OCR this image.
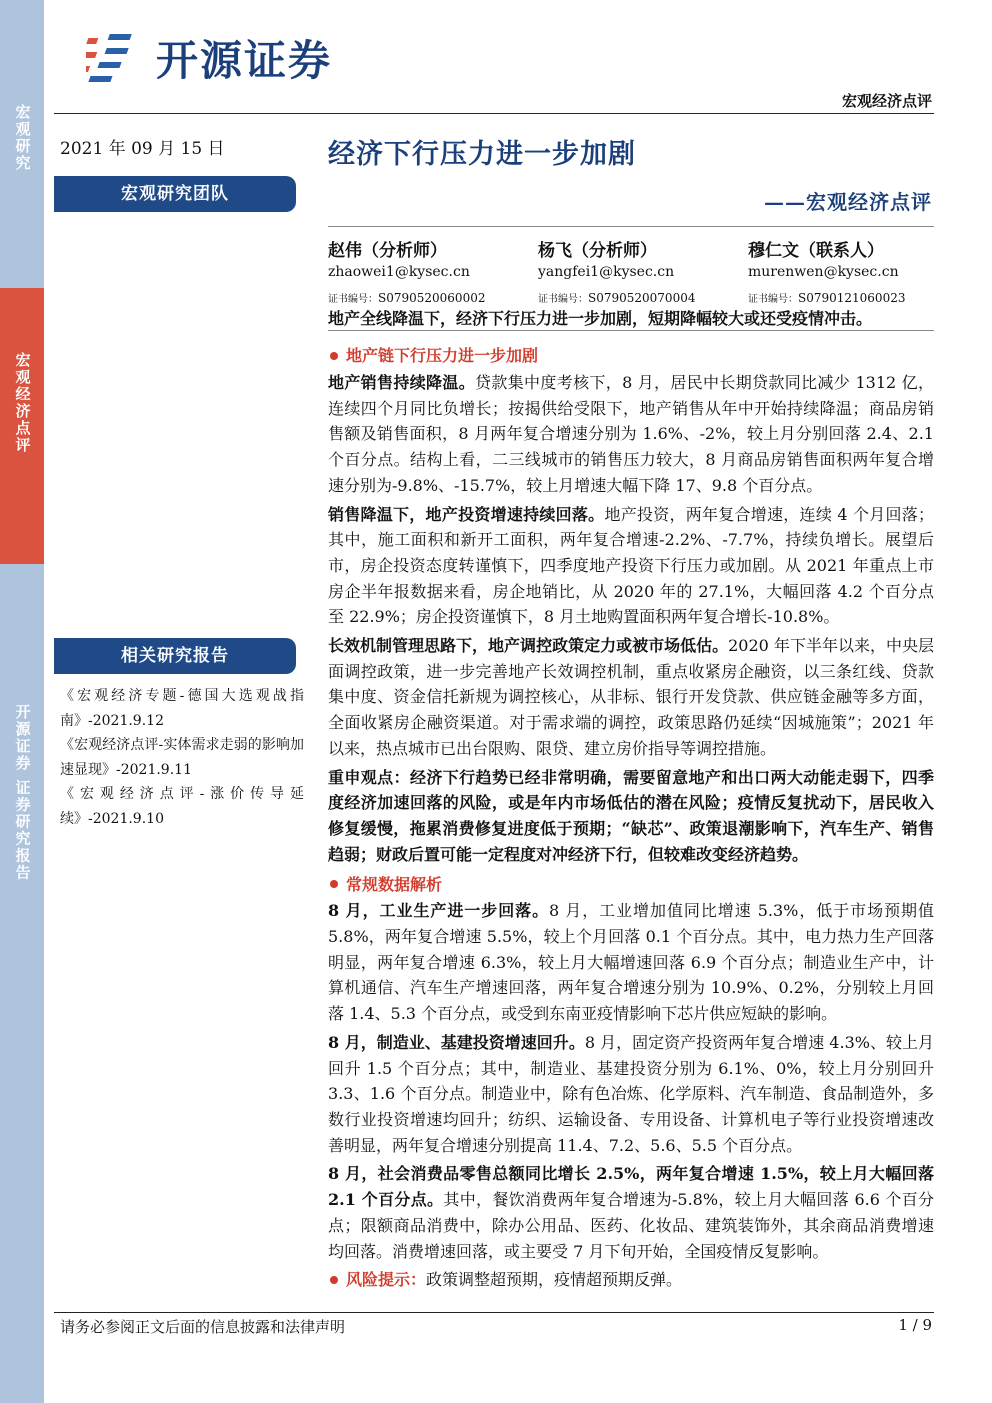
宏观研究
宏观经济点评
开源证券 证券研究报告
开源证券
宏观经济点评
2021 年 09 月 15 日	经济下行压力进一步加剧
——宏观经济点评
宏观研究团队
赵伟（分析师）
zhaowei1@kysec.cn
证书编号：S0790520060002
杨飞（分析师）
yangfei1@kysec.cn
证书编号：S0790520070004
穆仁文（联系人）
murenwen@kysec.cn
证书编号：S0790121060023
地产全线降温下，经济下行压力进一步加剧，短期降幅较大或还受疫情冲击。
相关研究报告
《宏观经济专题-德国大选观战指南》-2021.9.12
《宏观经济点评-实体需求走弱的影响加速显现》-2021.9.11
《宏观经济点评-涨价传导延续》-2021.9.10
地产链下行压力进一步加剧

地产销售持续降温。贷款集中度考核下，8 月，居民中长期贷款同比减少 1312 亿，连续四个月同比负增长；按揭供给受限下，地产销售从年中开始持续降温；商品房销售额及销售面积，8 月两年复合增速分别为 1.6%、-2%，较上月分别回落 2.4、2.1 个百分点。结构上看，二三线城市的销售压力较大，8 月商品房销售面积两年复合增速分别为-9.8%、-15.7%，较上月增速大幅下降 17、9.8 个百分点。

销售降温下，地产投资增速持续回落。地产投资，两年复合增速，连续 4 个月回落；其中，施工面积和新开工面积，两年复合增速-2.2%、-7.7%，持续负增长。展望后市，房企投资态度转谨慎下，四季度地产投资下行压力或加剧。从 2021 年重点上市房企半年报数据来看，房企地销比，从 2020 年的 27.1%，大幅回落 4.2 个百分点至 22.9%；房企投资谨慎下，8 月土地购置面积两年复合增长-10.8%。

长效机制管理思路下，地产调控政策定力或被市场低估。2020 年下半年以来，中央层面调控政策，进一步完善地产长效调控机制，重点收紧房企融资，以三条红线、贷款集中度、资金信托新规为调控核心，从非标、银行开发贷款、供应链金融等多方面，全面收紧房企融资渠道。对于需求端的调控，政策思路仍延续“因城施策”；2021 年以来，热点城市已出台限购、限贷、建立房价指导等调控措施。

重申观点：经济下行趋势已经非常明确，需要留意地产和出口两大动能走弱下，四季度经济加速回落的风险，或是年内市场低估的潜在风险；疫情反复扰动下，居民收入修复缓慢，拖累消费修复进度低于预期；“缺芯”、政策退潮影响下，汽车生产、销售趋弱；财政后置可能一定程度对冲经济下行，但较难改变经济趋势。

常规数据解析

8 月，工业生产进一步回落。8 月，工业增加值同比增速 5.3%，低于市场预期值 5.8%，两年复合增速 5.5%，较上个月回落 0.1 个百分点。其中，电力热力生产回落明显，两年复合增速 6.3%，较上月大幅增速回落 6.9 个百分点；制造业生产中，计算机通信、汽车生产增速回落，两年复合增速分别为 10.9%、0.2%，分别较上月回落 1.4、5.3 个百分点，或受到东南亚疫情影响下芯片供应短缺的影响。

8 月，制造业、基建投资增速回升。8 月，固定资产投资两年复合增速 4.3%、较上月回升 1.5 个百分点；其中，制造业、基建投资分别为 6.1%、0%，较上月分别回升 3.3、1.6 个百分点。制造业中，除有色冶炼、化学原料、汽车制造、食品制造外，多数行业投资增速均回升；纺织、运输设备、专用设备、计算机电子等行业投资增速改善明显，两年复合增速分别提高 11.4、7.2、5.6、5.5 个百分点。

8 月，社会消费品零售总额同比增长 2.5%，两年复合增速 1.5%，较上月大幅回落 2.1 个百分点。其中，餐饮消费两年复合增速为-5.8%，较上月大幅回落 6.6 个百分点；限额商品消费中，除办公用品、医药、化妆品、建筑装饰外，其余商品消费增速均回落。消费增速回落，或主要受 7 月下旬开始，全国疫情反复影响。

风险提示：政策调整超预期，疫情超预期反弹。
请务必参阅正文后面的信息披露和法律声明	1 / 9
